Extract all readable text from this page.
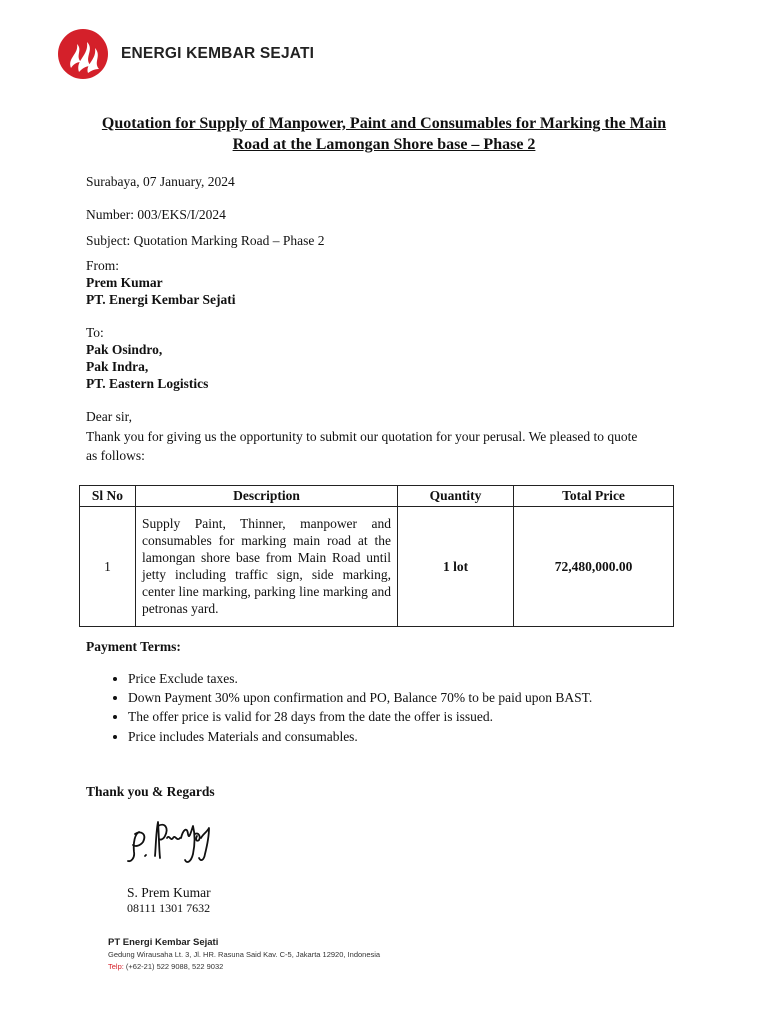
ENERGI KEMBAR SEJATI
Quotation for Supply of Manpower, Paint and Consumables for Marking the Main
Road at the Lamongan Shore base – Phase 2
Surabaya, 07 January, 2024
Number: 003/EKS/I/2024
Subject: Quotation Marking Road – Phase 2
From:
Prem Kumar
PT. Energi Kembar Sejati
To:
Pak Osindro,
Pak Indra,
PT. Eastern Logistics
Dear sir,
Thank you for giving us the opportunity to submit our quotation for your perusal. We pleased to quote
as follows:
Sl No	Description	Quantity	Total Price
1	Supply Paint, Thinner, manpower and consumables for marking main road at the lamongan shore base from Main Road until jetty including traffic sign, side marking, center line marking, parking line marking and petronas yard.	1 lot	72,480,000.00
Payment Terms:
• Price Exclude taxes.
• Down Payment 30% upon confirmation and PO, Balance 70% to be paid upon BAST.
• The offer price is valid for 28 days from the date the offer is issued.
• Price includes Materials and consumables.
Thank you & Regards
S. Prem Kumar
08111 1301 7632
PT Energi Kembar Sejati
Gedung Wirausaha Lt. 3, Jl. HR. Rasuna Said Kav. C-5, Jakarta 12920, Indonesia
Telp: (+62-21) 522 9088, 522 9032
